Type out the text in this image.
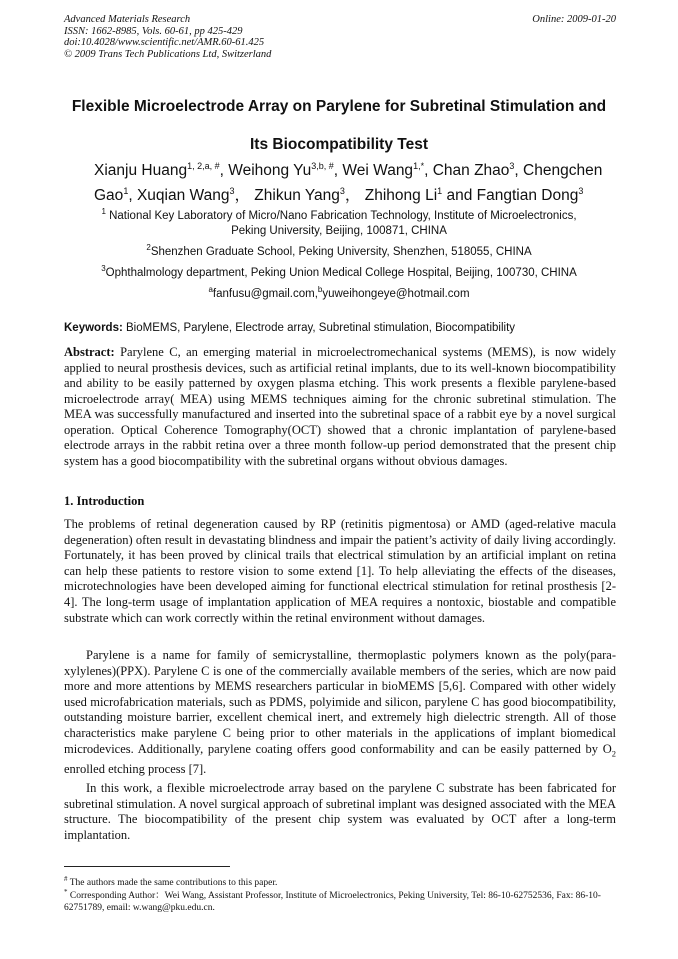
Advanced Materials Research
ISSN: 1662-8985, Vols. 60-61, pp 425-429
doi:10.4028/www.scientific.net/AMR.60-61.425
© 2009 Trans Tech Publications Ltd, Switzerland
Online: 2009-01-20
Flexible Microelectrode Array on Parylene for Subretinal Stimulation and
Its Biocompatibility Test
Xianju Huang$^{1, 2,a, \#}$, Weihong $Yu^{3,b, \#}$, Wei Wang$^{1,*}$, Chan Zhao$^3$, Chengchen Gao$^1$, Xuqian Wang$^3$， Zhikun Yang$^3$， Zhihong Li$^1$ and Fangtian Dong$^3$
$^1$ National Key Laboratory of Micro/Nano Fabrication Technology, Institute of Microelectronics,
Peking University, Beijing, 100871, CHINA
$^2$Shenzhen Graduate School, Peking University, Shenzhen, 518055, CHINA
$^3$Ophthalmology department, Peking Union Medical College Hospital, Beijing, 100730, CHINA
$^a$fanfusu@gmail.com,$^b$yuweihongeye@hotmail.com
Keywords: BioMEMS, Parylene, Electrode array, Subretinal stimulation, Biocompatibility
Abstract: Parylene C, an emerging material in microelectromechanical systems (MEMS), is now widely applied to neural prosthesis devices, such as artificial retinal implants, due to its well-known biocompatibility and ability to be easily patterned by oxygen plasma etching. This work presents a flexible parylene-based microelectrode array( MEA) using MEMS techniques aiming for the chronic subretinal stimulation. The MEA was successfully manufactured and inserted into the subretinal space of a rabbit eye by a novel surgical operation. Optical Coherence Tomography(OCT) showed that a chronic implantation of parylene-based electrode arrays in the rabbit retina over a three month follow-up period demonstrated that the present chip system has a good biocompatibility with the subretinal organs without obvious damages.
1. Introduction

The problems of retinal degeneration caused by RP (retinitis pigmentosa) or AMD (aged-relative macula degeneration) often result in devastating blindness and impair the patient’s activity of daily living accordingly. Fortunately, it has been proved by clinical trails that electrical stimulation by an artificial implant on retina can help these patients to restore vision to some extend [1]. To help alleviating the effects of the diseases, microtechnologies have been developed aiming for functional electrical stimulation for retinal prosthesis [2-4]. The long-term usage of implantation application of MEA requires a nontoxic, biostable and compatible substrate which can work correctly within the retinal environment without damages.

Parylene is a name for family of semicrystalline, thermoplastic polymers known as the poly(para-xylylenes)(PPX). Parylene C is one of the commercially available members of the series, which are now paid more and more attentions by MEMS researchers particular in bioMEMS [5,6]. Compared with other widely used microfabrication materials, such as PDMS, polyimide and silicon, parylene C has good biocompatibility, outstanding moisture barrier, excellent chemical inert, and extremely high dielectric strength. All of those characteristics make parylene C being prior to other materials in the applications of implant biomedical microdevices. Additionally, parylene coating offers good conformability and can be easily patterned by $O_2$ enrolled etching process [7].

In this work, a flexible microelectrode array based on the parylene C substrate has been fabricated for subretinal stimulation. A novel surgical approach of subretinal implant was designed associated with the MEA structure. The biocompatibility of the present chip system was evaluated by OCT after a long-term implantation.

# The authors made the same contributions to this paper.
* Corresponding Author：Wei Wang, Assistant Professor, Institute of Microelectronics, Peking University, Tel: 86-10-62752536, Fax: 86-10-62751789, email: w.wang@pku.edu.cn.
